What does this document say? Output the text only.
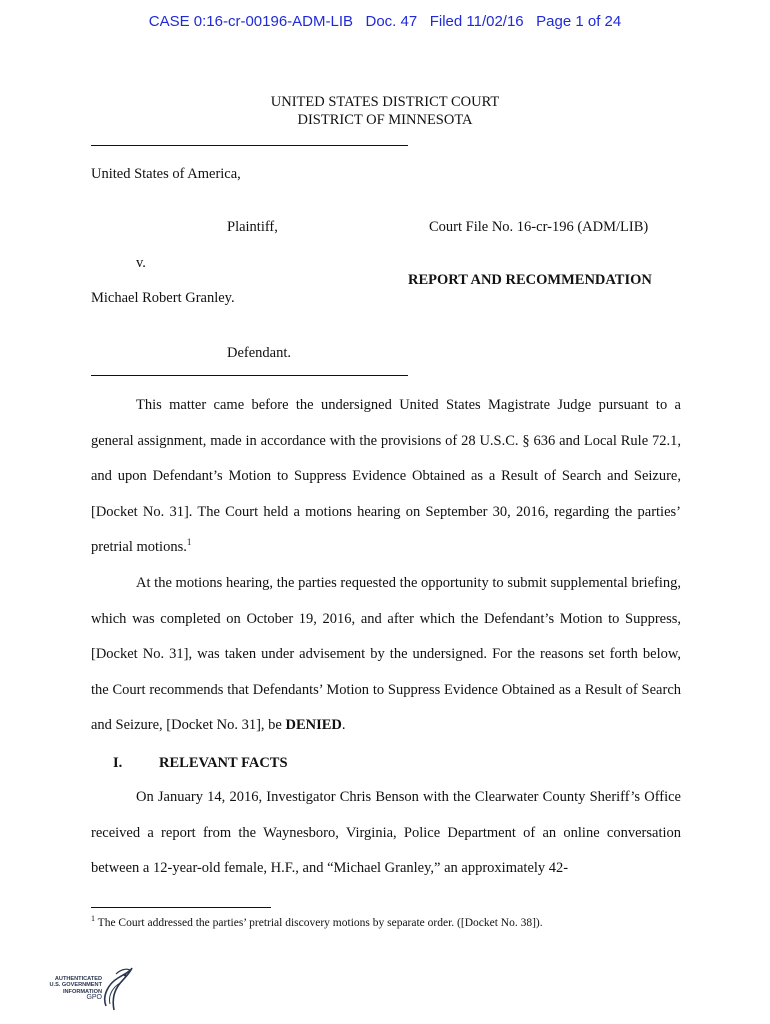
CASE 0:16-cr-00196-ADM-LIB   Doc. 47   Filed 11/02/16   Page 1 of 24
UNITED STATES DISTRICT COURT
DISTRICT OF MINNESOTA
United States of America,
Plaintiff,	Court File No. 16-cr-196 (ADM/LIB)
v.
REPORT AND RECOMMENDATION
Michael Robert Granley.
Defendant.
This matter came before the undersigned United States Magistrate Judge pursuant to a general assignment, made in accordance with the provisions of 28 U.S.C. § 636 and Local Rule 72.1, and upon Defendant’s Motion to Suppress Evidence Obtained as a Result of Search and Seizure, [Docket No. 31]. The Court held a motions hearing on September 30, 2016, regarding the parties’ pretrial motions.$^1$
At the motions hearing, the parties requested the opportunity to submit supplemental briefing, which was completed on October 19, 2016, and after which the Defendant’s Motion to Suppress, [Docket No. 31], was taken under advisement by the undersigned. For the reasons set forth below, the Court recommends that Defendants’ Motion to Suppress Evidence Obtained as a Result of Search and Seizure, [Docket No. 31], be DENIED.
I.	RELEVANT FACTS
On January 14, 2016, Investigator Chris Benson with the Clearwater County Sheriff’s Office received a report from the Waynesboro, Virginia, Police Department of an online conversation between a 12-year-old female, H.F., and “Michael Granley,” an approximately 42-
$^1$ The Court addressed the parties’ pretrial discovery motions by separate order. ([Docket No. 38]).
AUTHENTICATED
U.S. GOVERNMENT
INFORMATION
GPO
